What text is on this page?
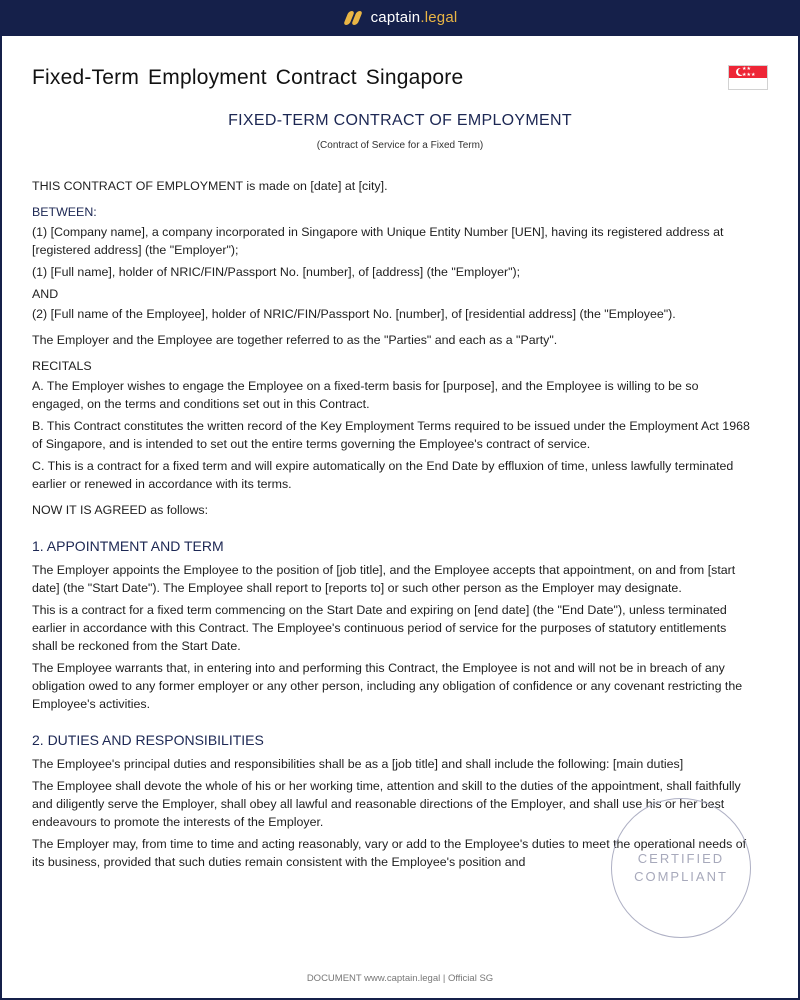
captain.legal
Fixed-Term Employment Contract Singapore	★★
★★★
FIXED-TERM CONTRACT OF EMPLOYMENT
(Contract of Service for a Fixed Term)

THIS CONTRACT OF EMPLOYMENT is made on [date] at [city].

BETWEEN:

(1) [Company name], a company incorporated in Singapore with Unique Entity Number [UEN], having its registered address at [registered address] (the "Employer");

(1) [Full name], holder of NRIC/FIN/Passport No. [number], of [address] (the "Employer");

AND

(2) [Full name of the Employee], holder of NRIC/FIN/Passport No. [number], of [residential address] (the "Employee").

The Employer and the Employee are together referred to as the "Parties" and each as a "Party".

RECITALS

A. The Employer wishes to engage the Employee on a fixed-term basis for [purpose], and the Employee is willing to be so engaged, on the terms and conditions set out in this Contract.

B. This Contract constitutes the written record of the Key Employment Terms required to be issued under the Employment Act 1968 of Singapore, and is intended to set out the entire terms governing the Employee's contract of service.

C. This is a contract for a fixed term and will expire automatically on the End Date by effluxion of time, unless lawfully terminated earlier or renewed in accordance with its terms.

NOW IT IS AGREED as follows:

1. APPOINTMENT AND TERM

The Employer appoints the Employee to the position of [job title], and the Employee accepts that appointment, on and from [start date] (the "Start Date"). The Employee shall report to [reports to] or such other person as the Employer may designate.

This is a contract for a fixed term commencing on the Start Date and expiring on [end date] (the "End Date"), unless terminated earlier in accordance with this Contract. The Employee's continuous period of service for the purposes of statutory entitlements shall be reckoned from the Start Date.

The Employee warrants that, in entering into and performing this Contract, the Employee is not and will not be in breach of any obligation owed to any former employer or any other person, including any obligation of confidence or any covenant restricting the Employee's activities.

2. DUTIES AND RESPONSIBILITIES

The Employee's principal duties and responsibilities shall be as a [job title] and shall include the following: [main duties]

The Employee shall devote the whole of his or her working time, attention and skill to the duties of the appointment, shall faithfully and diligently serve the Employer, shall obey all lawful and reasonable directions of the Employer, and shall use his or her best endeavours to promote the interests of the Employer.

The Employer may, from time to time and acting reasonably, vary or add to the Employee's duties to meet the operational needs of its business, provided that such duties remain consistent with the Employee's position and	CERTIFIED
COMPLIANT
DOCUMENT www.captain.legal | Official SG
